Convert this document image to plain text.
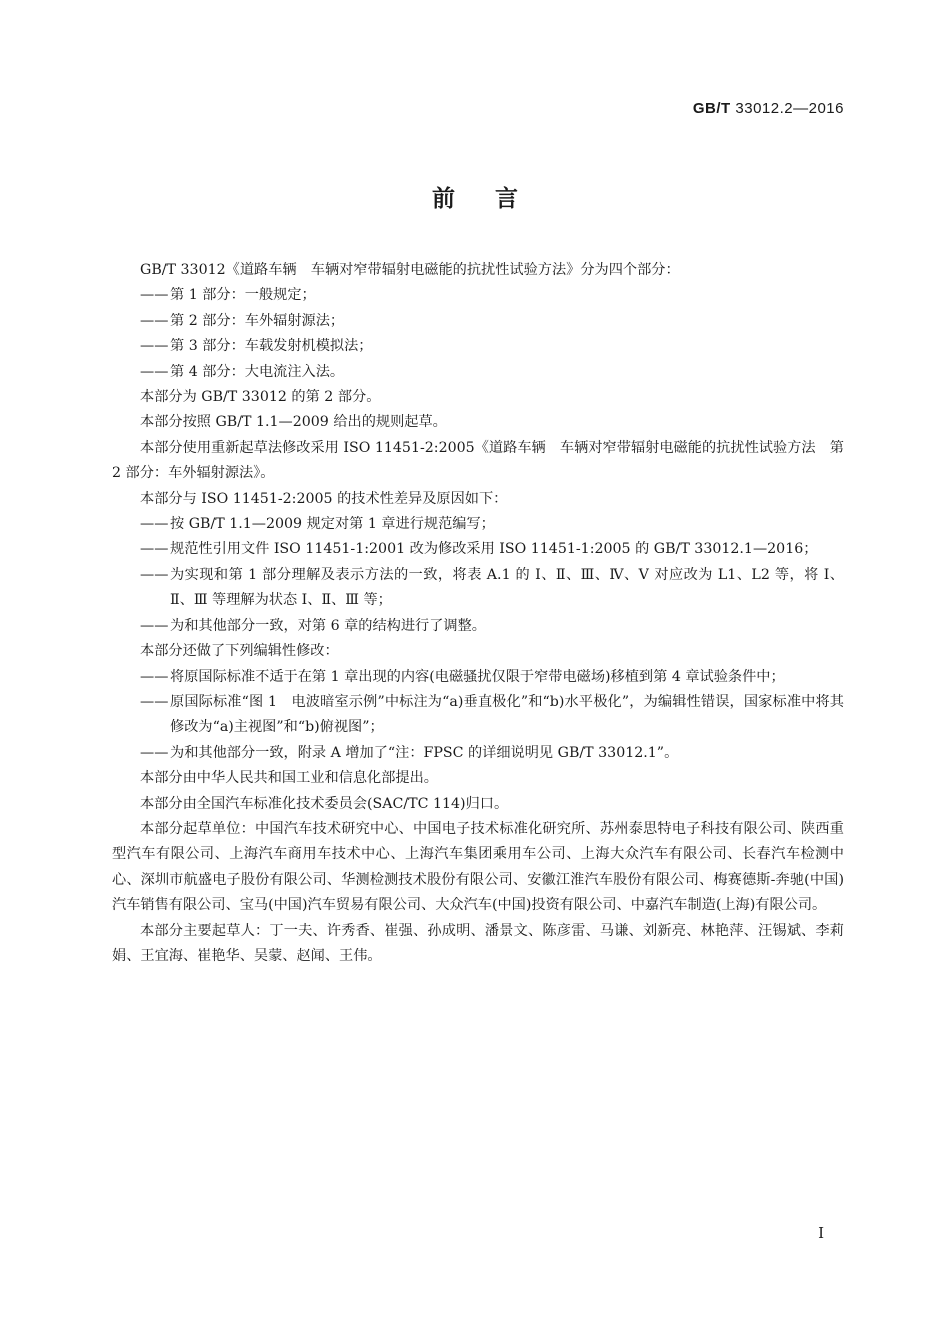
GB/T 33012.2—2016
前言

GB/T 33012《道路车辆　车辆对窄带辐射电磁能的抗扰性试验方法》分为四个部分：

—— 第 1 部分：一般规定；
—— 第 2 部分：车外辐射源法；
—— 第 3 部分：车载发射机模拟法；
—— 第 4 部分：大电流注入法。

本部分为 GB/T 33012 的第 2 部分。

本部分按照 GB/T 1.1—2009 给出的规则起草。

本部分使用重新起草法修改采用 ISO 11451-2:2005《道路车辆　车辆对窄带辐射电磁能的抗扰性试验方法　第 2 部分：车外辐射源法》。

本部分与 ISO 11451-2:2005 的技术性差异及原因如下：

—— 按 GB/T 1.1—2009 规定对第 1 章进行规范编写；
—— 规范性引用文件 ISO 11451-1:2001 改为修改采用 ISO 11451-1:2005 的 GB/T 33012.1—2016；
—— 为实现和第 1 部分理解及表示方法的一致，将表 A.1 的 Ⅰ、Ⅱ、Ⅲ、Ⅳ、Ⅴ 对应改为 L1、L2 等，将 Ⅰ、Ⅱ、Ⅲ 等理解为状态 Ⅰ、Ⅱ、Ⅲ 等；
—— 为和其他部分一致，对第 6 章的结构进行了调整。

本部分还做了下列编辑性修改：

—— 将原国际标准不适于在第 1 章出现的内容(电磁骚扰仅限于窄带电磁场)移植到第 4 章试验条件中；
—— 原国际标准“图 1　电波暗室示例”中标注为“a)垂直极化”和“b)水平极化”，为编辑性错误，国家标准中将其修改为“a)主视图”和“b)俯视图”；
—— 为和其他部分一致，附录 A 增加了“注：FPSC 的详细说明见 GB/T 33012.1”。

本部分由中华人民共和国工业和信息化部提出。

本部分由全国汽车标准化技术委员会(SAC/TC 114)归口。

本部分起草单位：中国汽车技术研究中心、中国电子技术标准化研究所、苏州泰思特电子科技有限公司、陕西重型汽车有限公司、上海汽车商用车技术中心、上海汽车集团乘用车公司、上海大众汽车有限公司、长春汽车检测中心、深圳市航盛电子股份有限公司、华测检测技术股份有限公司、安徽江淮汽车股份有限公司、梅赛德斯-奔驰(中国)汽车销售有限公司、宝马(中国)汽车贸易有限公司、大众汽车(中国)投资有限公司、中嘉汽车制造(上海)有限公司。

本部分主要起草人：丁一夫、许秀香、崔强、孙成明、潘景文、陈彦雷、马谦、刘新亮、林艳萍、汪锡斌、李莉娟、王宜海、崔艳华、吴蒙、赵闻、王伟。

Ⅰ
